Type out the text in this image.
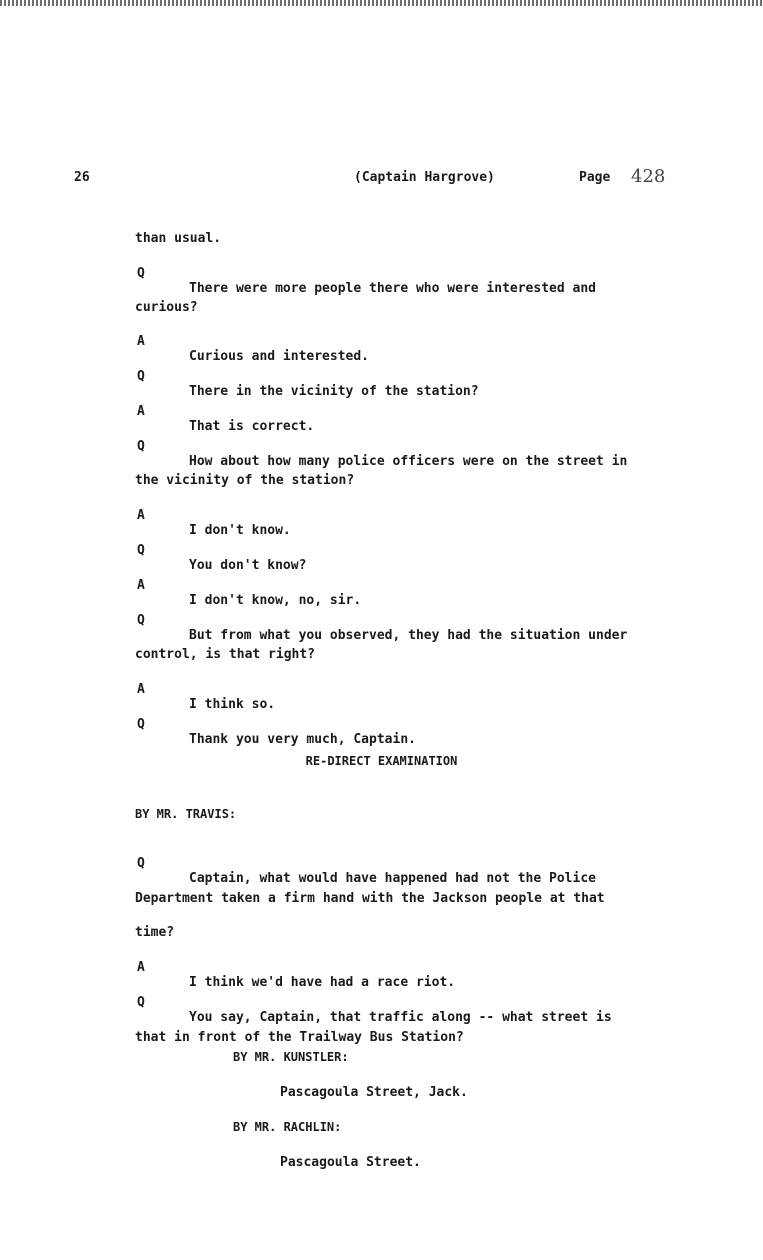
26	(Captain Hargrove)	Page 428

than usual.

Q

There were more people there who were interested and

curious?

A

Curious and interested.

Q

There in the vicinity of the station?

A

That is correct.

Q

How about how many police officers were on the street in

the vicinity of the station?

A

I don't know.

Q

You don't know?

A

I don't know, no, sir.

Q

But from what you observed, they had the situation under

control, is that right?

A

I think so.

Q

Thank you very much, Captain.

RE-DIRECT EXAMINATION
BY MR. TRAVIS:

Q

Captain, what would have happened had not the Police

Department taken a firm hand with the Jackson people at that

time?

A

I think we'd have had a race riot.

Q

You say, Captain, that traffic along -- what street is

that in front of the Trailway Bus Station?

BY MR. KUNSTLER:
Pascagoula Street, Jack.
BY MR. RACHLIN:
Pascagoula Street.
